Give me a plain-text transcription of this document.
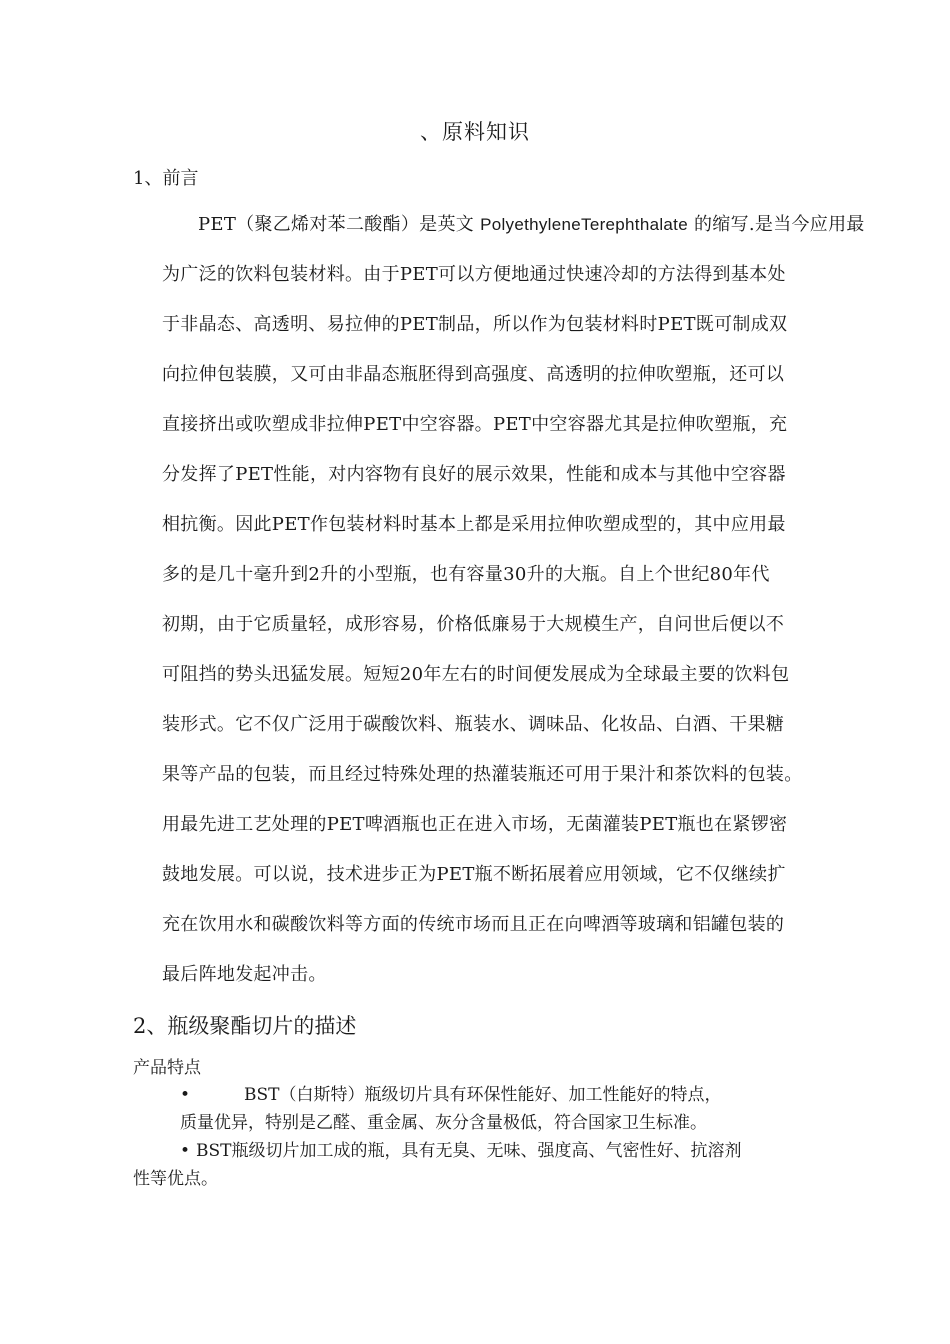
、原料知识
1、前言
PET（聚乙烯对苯二酸酯）是英文 PolyethyleneTerephthalate 的缩写.是当今应用最
为广泛的饮料包装材料。由于PET可以方便地通过快速冷却的方法得到基本处
于非晶态、高透明、易拉伸的PET制品，所以作为包装材料时PET既可制成双
向拉伸包装膜，又可由非晶态瓶胚得到高强度、高透明的拉伸吹塑瓶，还可以
直接挤出或吹塑成非拉伸PET中空容器。PET中空容器尤其是拉伸吹塑瓶，充
分发挥了PET性能，对内容物有良好的展示效果，性能和成本与其他中空容器
相抗衡。因此PET作包装材料时基本上都是采用拉伸吹塑成型的，其中应用最
多的是几十毫升到2升的小型瓶，也有容量30升的大瓶。自上个世纪80年代
初期，由于它质量轻，成形容易，价格低廉易于大规模生产，自问世后便以不
可阻挡的势头迅猛发展。短短20年左右的时间便发展成为全球最主要的饮料包
装形式。它不仅广泛用于碳酸饮料、瓶装水、调味品、化妆品、白酒、干果糖
果等产品的包装，而且经过特殊处理的热灌装瓶还可用于果汁和茶饮料的包装。
用最先进工艺处理的PET啤酒瓶也正在进入市场，无菌灌装PET瓶也在紧锣密
鼓地发展。可以说，技术进步正为PET瓶不断拓展着应用领域，它不仅继续扩
充在饮用水和碳酸饮料等方面的传统市场而且正在向啤酒等玻璃和铝罐包装的
最后阵地发起冲击。
2、瓶级聚酯切片的描述
产品特点
•	BST（白斯特）瓶级切片具有环保性能好、加工性能好的特点，
质量优异，特别是乙醛、重金属、灰分含量极低，符合国家卫生标准。
• BST瓶级切片加工成的瓶，具有无臭、无味、强度高、气密性好、抗溶剂
性等优点。
